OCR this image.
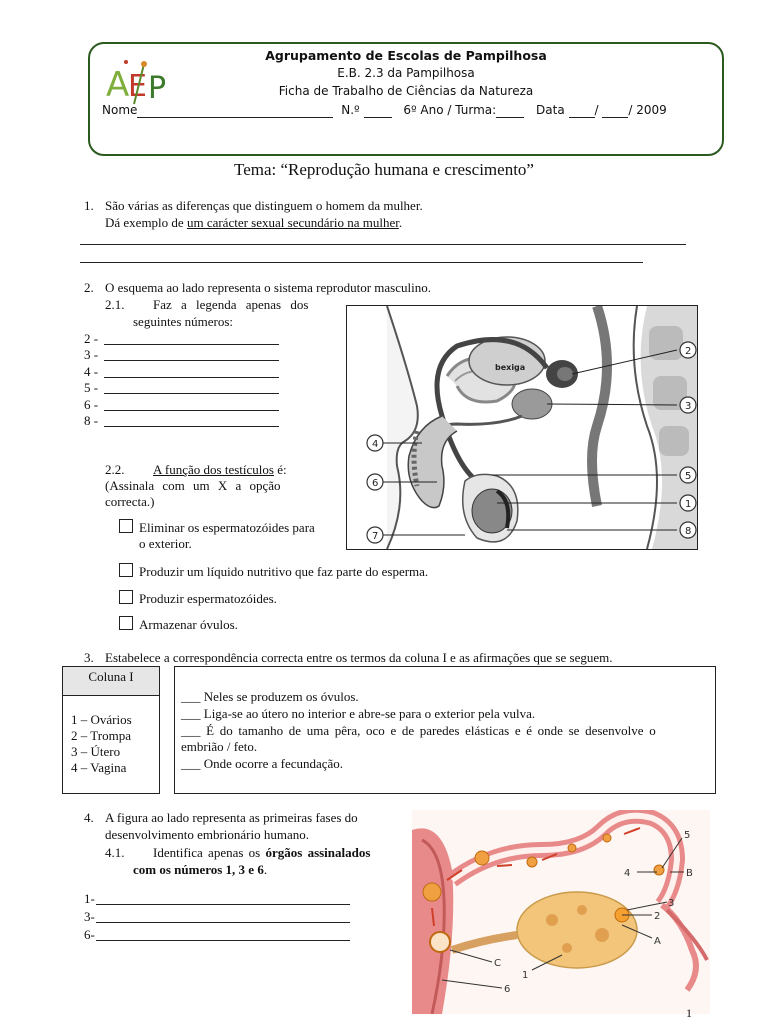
A
E P
Agrupamento de Escolas de Pampilhosa
E.B. 2.3 da Pampilhosa
Ficha de Trabalho de Ciências da Natureza
Nome	N.º	6º Ano / Turma:	Data /  / 2009
Tema: “Reprodução humana e crescimento”
1. São várias as diferenças que distinguem o homem da mulher.
Dá exemplo de um carácter sexual secundário na mulher.
2. O esquema ao lado representa o sistema reprodutor masculino.
2.1. Faz a legenda apenas dos
seguintes números:
2 -
3 -
4 -
5 -
6 -
8 -
2.2. A função dos testículos é:
(Assinala com um X a opção
correcta.)
Eliminar os espermatozóides para
o exterior.
Produzir um líquido nutritivo que faz parte do esperma.
Produzir espermatozóides.
Armazenar óvulos.
bexiga
2
3
4
6
5
1
7	8
3. Estabelece a correspondência correcta entre os termos da coluna I e as afirmações que se seguem.
Coluna I
1 – Ovários
2 – Trompa
3 – Útero
4 – Vagina
___ Neles se produzem os óvulos.
___ Liga-se ao útero no interior e abre-se para o exterior pela vulva.
___ É do tamanho de uma pêra, oco e de paredes elásticas e é onde se desenvolve o
embrião / feto.
___ Onde ocorre a fecundação.
4. A figura ao lado representa as primeiras fases do
desenvolvimento embrionário humano.
4.1. Identifica apenas os órgãos assinalados
com os números 1, 3 e 6.
1-
3-
6-
5
4	B
3
2
A
C
1
6
1
